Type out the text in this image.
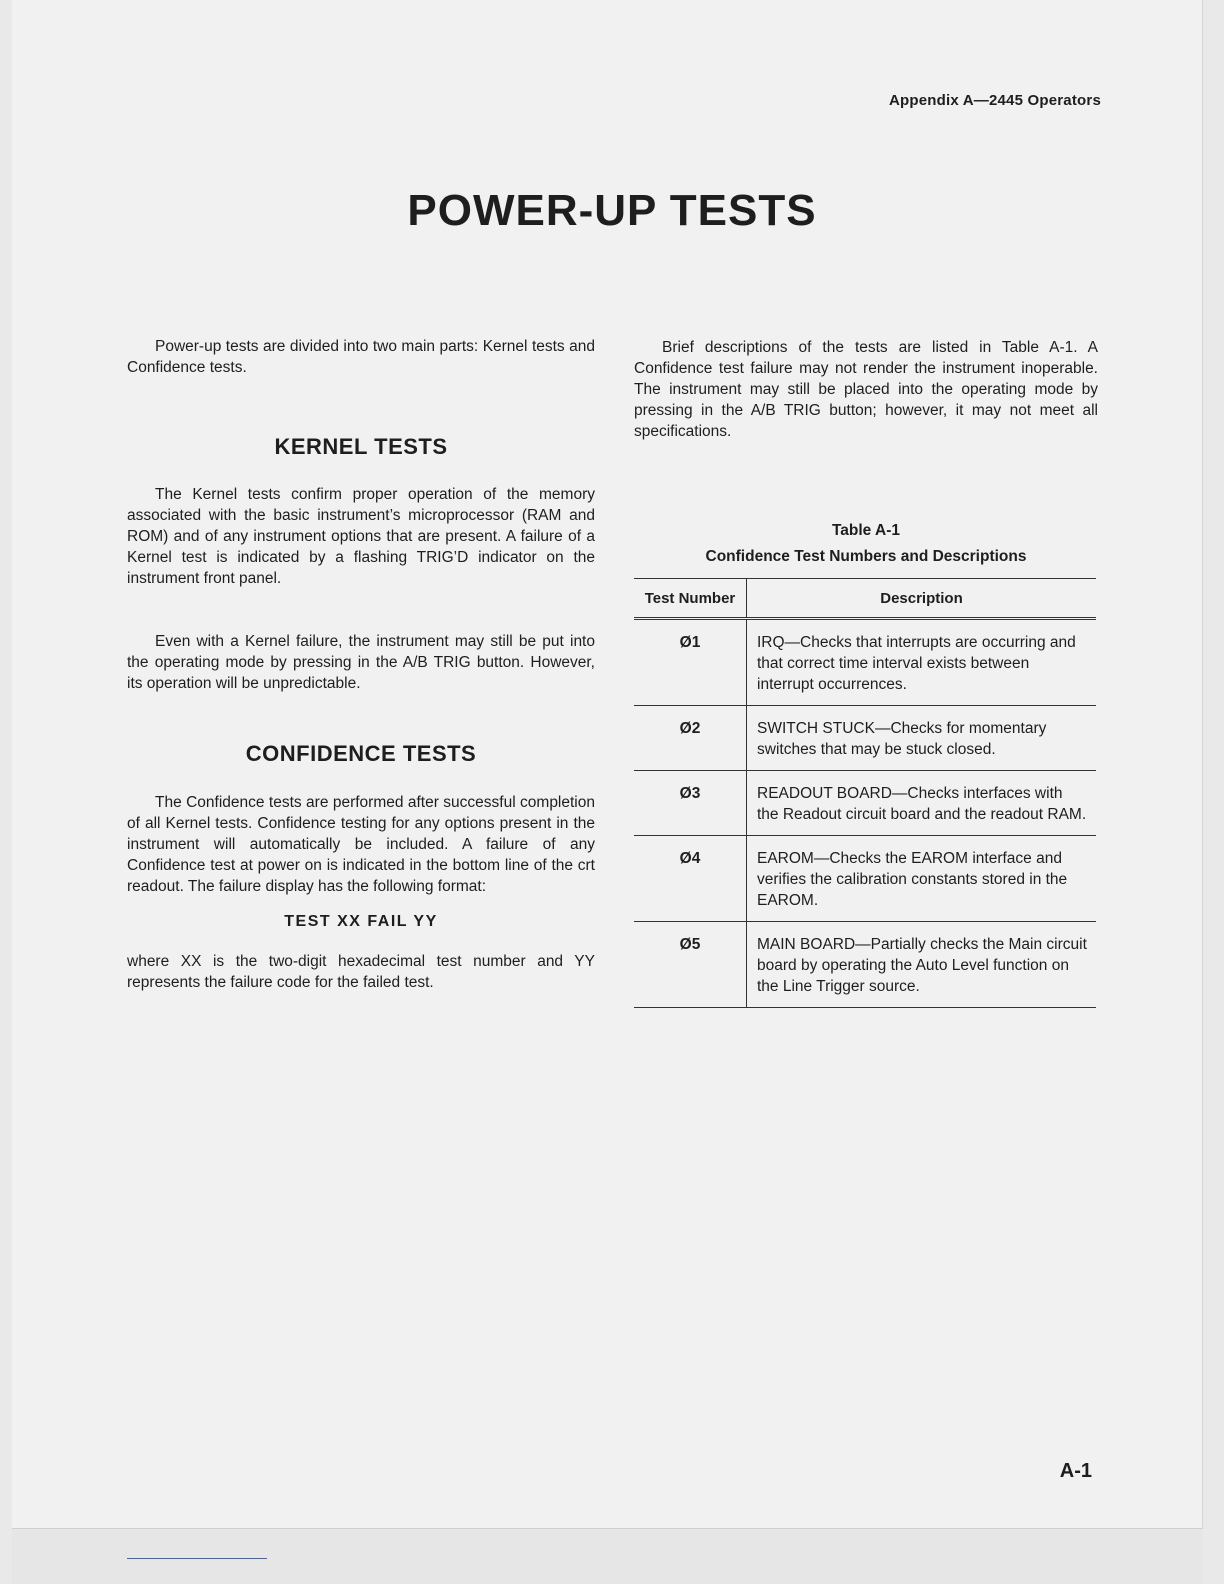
Appendix A—2445 Operators
POWER-UP TESTS

Power-up tests are divided into two main parts: Kernel tests and Confidence tests.

KERNEL TESTS

The Kernel tests confirm proper operation of the memory associated with the basic instrument’s microprocessor (RAM and ROM) and of any instrument options that are present. A failure of a Kernel test is indicated by a flashing TRIG’D indicator on the instrument front panel.

Even with a Kernel failure, the instrument may still be put into the operating mode by pressing in the A/B TRIG button. However, its operation will be unpredictable.

CONFIDENCE TESTS

The Confidence tests are performed after successful completion of all Kernel tests. Confidence testing for any options present in the instrument will automatically be included. A failure of any Confidence test at power on is indicated in the bottom line of the crt readout. The failure display has the following format:

TEST XX FAIL YY

where XX is the two-digit hexadecimal test number and YY represents the failure code for the failed test.

Brief descriptions of the tests are listed in Table A-1. A Confidence test failure may not render the instrument inoperable. The instrument may still be placed into the operating mode by pressing in the A/B TRIG button; however, it may not meet all specifications.

Table A-1

Confidence Test Numbers and Descriptions

Test Number	Description
Ø1	IRQ—Checks that interrupts are occurring and that correct time interval exists between interrupt occurrences.
Ø2	SWITCH STUCK—Checks for momentary switches that may be stuck closed.
Ø3	READOUT BOARD—Checks interfaces with the Readout circuit board and the readout RAM.
Ø4	EAROM—Checks the EAROM interface and verifies the calibration constants stored in the EAROM.
Ø5	MAIN BOARD—Partially checks the Main circuit board by operating the Auto Level function on the Line Trigger source.
A-1
